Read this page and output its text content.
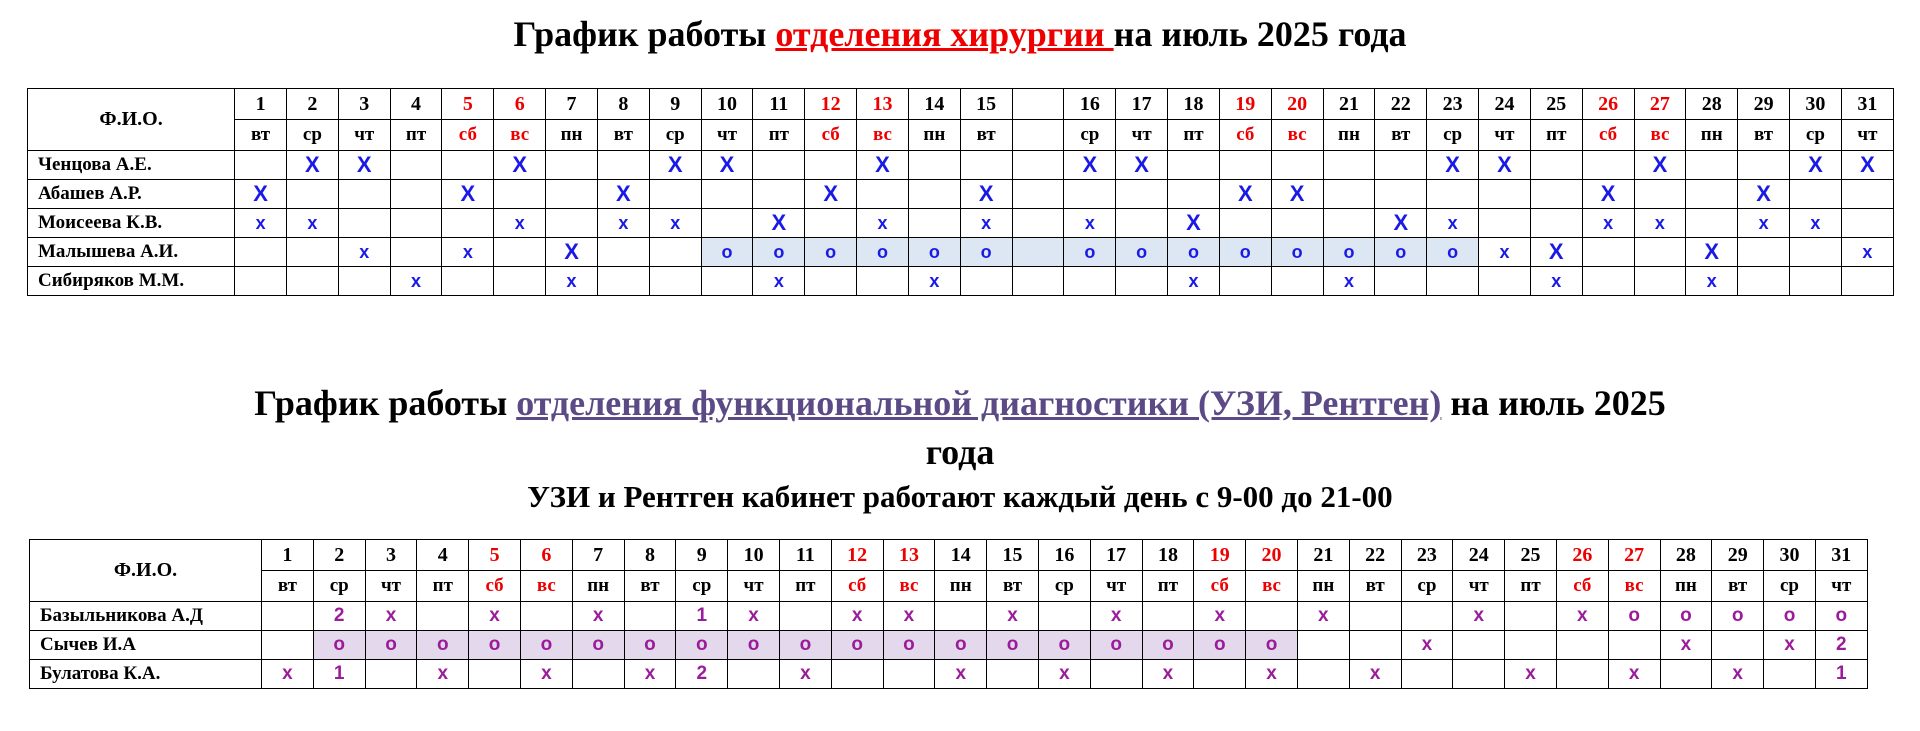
График работы отделения хирургии на июль 2025 года
Ф.И.О.	1	2	3	4	5	6	7	8	9	10	11	12	13	14	15		16	17	18	19	20	21	22	23	24	25	26	27	28	29	30	31
	вт	ср	чт	пт	сб	вс	пн	вт	ср	чт	пт	сб	вс	пн	вт		ср	чт	пт	сб	вс	пн	вт	ср	чт	пт	сб	вс	пн	вт	ср	чт
Ченцова А.Е.		X	X			X			X	X			X				X	X						X	X			X			X	X
Абашев А.Р.	X				X			X				X			X					X	X						X			X		
Моисеева К.В.	x	x				x		x	x		X		x		x		x		X				X	x			x	x		x	x	
Малышева А.И.			x		x		X			o	o	o	o	o	o		o	o	o	o	o	o	o	o	x	X			X			x
Сибиряков М.М.				x			x				x			x					x			x				x			x			
График работы отделения функциональной диагностики (УЗИ, Рентген) на июль 2025
года
УЗИ и Рентген кабинет работают каждый день с 9-00 до 21-00
Ф.И.О.	1	2	3	4	5	6	7	8	9	10	11	12	13	14	15	16	17	18	19	20	21	22	23	24	25	26	27	28	29	30	31
	вт	ср	чт	пт	сб	вс	пн	вт	ср	чт	пт	сб	вс	пн	вт	ср	чт	пт	сб	вс	пн	вт	ср	чт	пт	сб	вс	пн	вт	ср	чт
Базыльникова А.Д		2	x		x		x		1	x		x	x		x		x		x		x			x		x	o	o	o	o	o
Сычев И.А		o	o	o	o	o	o	o	o	o	o	o	o	o	o	o	o	o	o	o			x					x		x	2
Булатова К.А.	x	1		x		x		x	2		x			x		x		x		x		x			x		x		x		1
